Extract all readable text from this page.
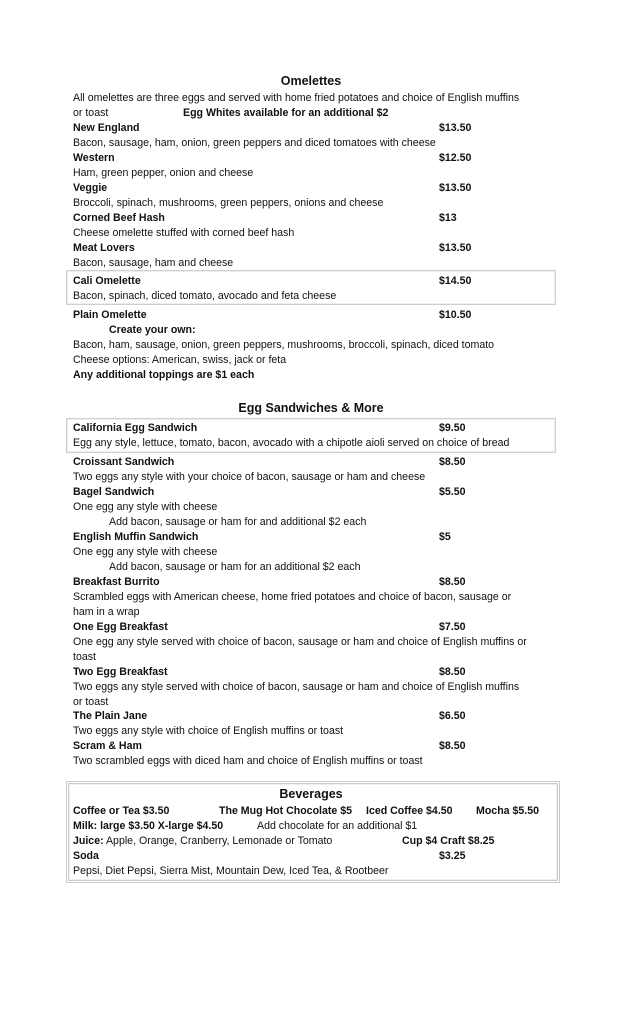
Omelettes
All omelettes are three eggs and served with home fried potatoes and choice of English muffins
or toast	Egg Whites available for an additional $2
New England	$13.50
Bacon, sausage, ham, onion, green peppers and diced tomatoes with cheese
Western	$12.50
Ham, green pepper, onion and cheese
Veggie	$13.50
Broccoli, spinach, mushrooms, green peppers, onions and cheese
Corned Beef Hash	$13
Cheese omelette stuffed with corned beef hash
Meat Lovers	$13.50
Bacon, sausage, ham and cheese
Cali Omelette	$14.50
Bacon, spinach, diced tomato, avocado and feta cheese
Plain Omelette	$10.50
Create your own:
Bacon, ham, sausage, onion, green peppers, mushrooms, broccoli, spinach, diced tomato
Cheese options: American, swiss, jack or feta
Any additional toppings are $1 each
Egg Sandwiches & More
California Egg Sandwich	$9.50
Egg any style, lettuce, tomato, bacon, avocado with a chipotle aioli served on choice of bread
Croissant Sandwich	$8.50
Two eggs any style with your choice of bacon, sausage or ham and cheese
Bagel Sandwich	$5.50
One egg any style with cheese
Add bacon, sausage or ham for and additional $2 each
English Muffin Sandwich	$5
One egg any style with cheese
Add bacon, sausage or ham for an additional $2 each
Breakfast Burrito	$8.50
Scrambled eggs with American cheese, home fried potatoes and choice of bacon, sausage or
ham in a wrap
One Egg Breakfast	$7.50
One egg any style served with choice of bacon, sausage or ham and choice of English muffins or
toast
Two Egg Breakfast	$8.50
Two eggs any style served with choice of bacon, sausage or ham and choice of English muffins
or toast
The Plain Jane	$6.50
Two eggs any style with choice of English muffins or toast
Scram & Ham	$8.50
Two scrambled eggs with diced ham and choice of English muffins or toast
Beverages
Coffee or Tea $3.50	The Mug Hot Chocolate $5 Iced Coffee $4.50 Mocha $5.50
Milk: large $3.50 X-large $4.50	Add chocolate for an additional $1
Juice: Apple, Orange, Cranberry, Lemonade or Tomato	Cup $4 Craft $8.25
Soda	$3.25
Pepsi, Diet Pepsi, Sierra Mist, Mountain Dew, Iced Tea, & Rootbeer
